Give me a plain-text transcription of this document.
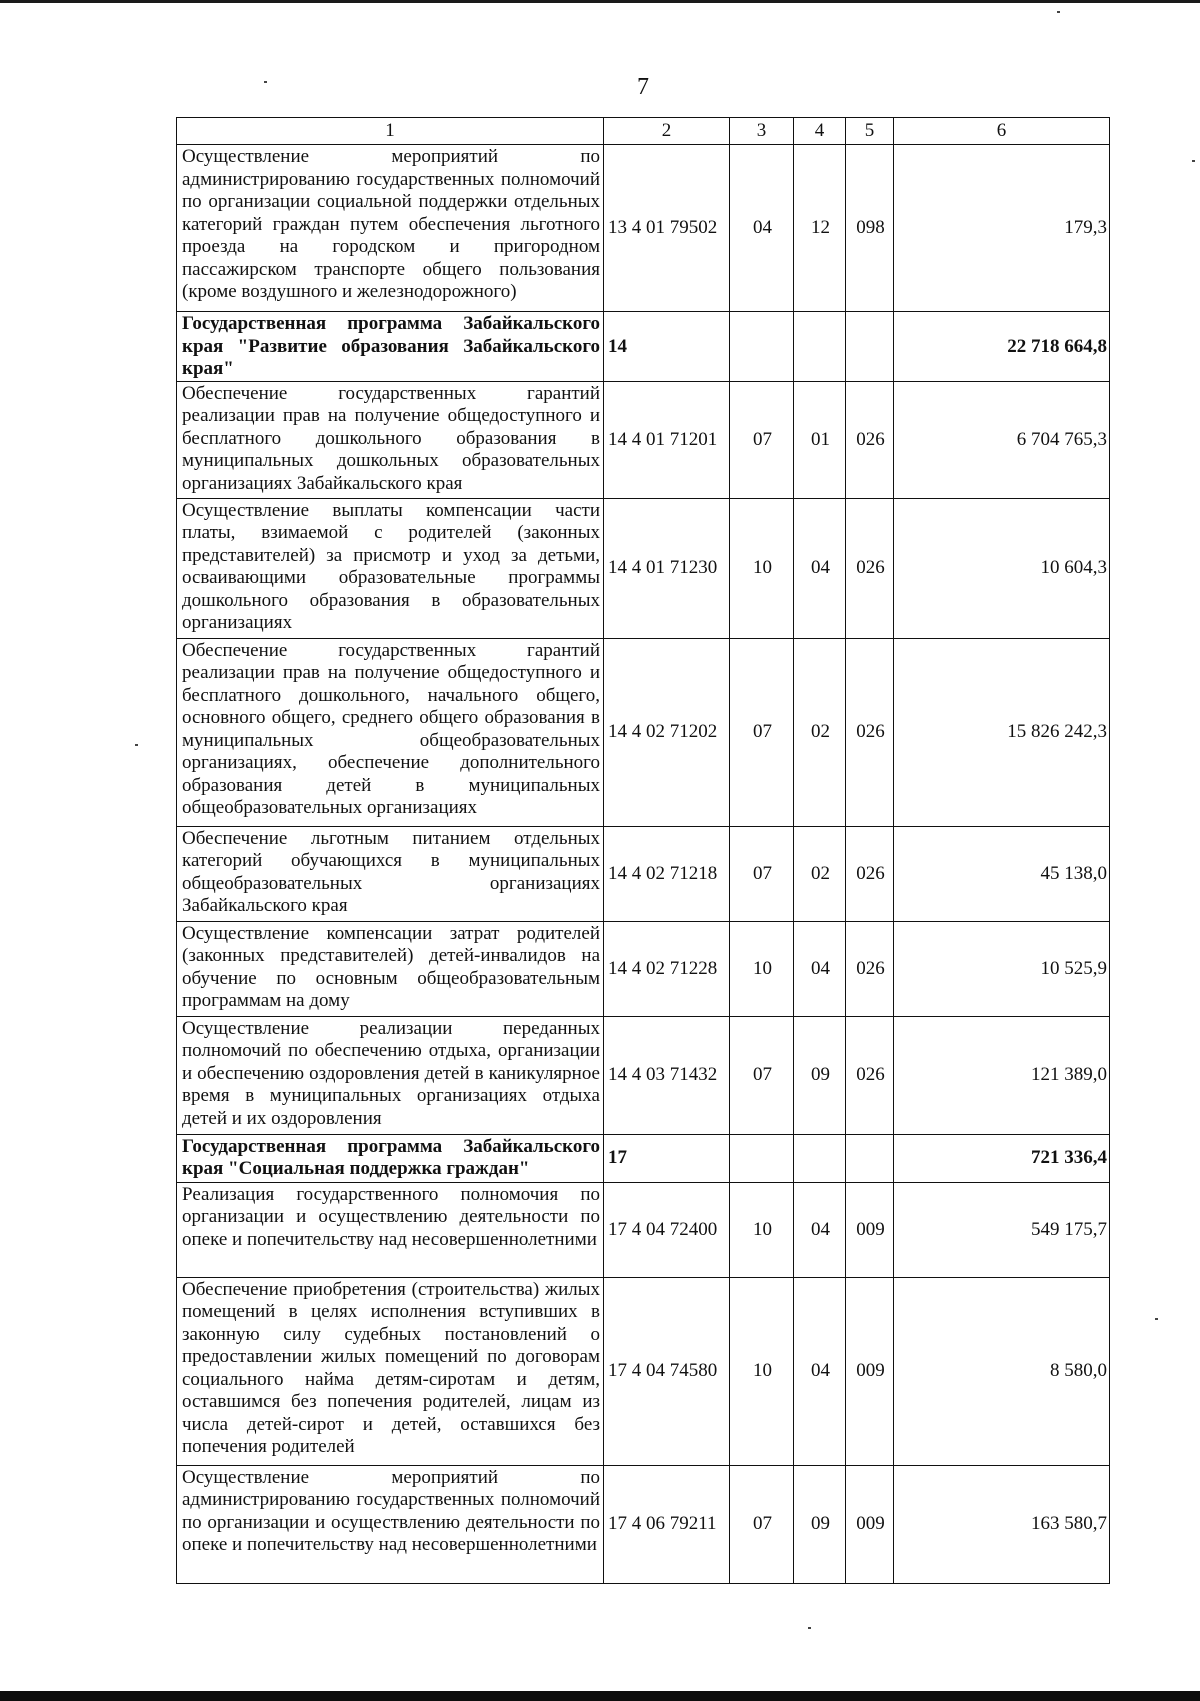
7
1	2	3	4	5	6
Осуществление мероприятий по администрированию государственных полномочий по организации социальной поддержки отдельных категорий граждан путем обеспечения льготного проезда на городском и пригородном пассажирском транспорте общего пользования (кроме воздушного и железнодорожного)	13 4 01 79502	04	12	098	179,3
Государственная программа Забайкальского края "Развитие образования Забайкальского края"	14				22 718 664,8
Обеспечение государственных гарантий реализации прав на получение общедоступного и бесплатного дошкольного образования в муниципальных дошкольных образовательных организациях Забайкальского края	14 4 01 71201	07	01	026	6 704 765,3
Осуществление выплаты компенсации части платы, взимаемой с родителей (законных представителей) за присмотр и уход за детьми, осваивающими образовательные программы дошкольного образования в образовательных организациях	14 4 01 71230	10	04	026	10 604,3
Обеспечение государственных гарантий реализации прав на получение общедоступного и бесплатного дошкольного, начального общего, основного общего, среднего общего образования в муниципальных общеобразовательных организациях, обеспечение дополнительного образования детей в муниципальных общеобразовательных организациях	14 4 02 71202	07	02	026	15 826 242,3
Обеспечение льготным питанием отдельных категорий обучающихся в муниципальных общеобразовательных организациях Забайкальского края	14 4 02 71218	07	02	026	45 138,0
Осуществление компенсации затрат родителей (законных представителей) детей-инвалидов на обучение по основным общеобразовательным программам на дому	14 4 02 71228	10	04	026	10 525,9
Осуществление реализации переданных полномочий по обеспечению отдыха, организации и обеспечению оздоровления детей в каникулярное время в муниципальных организациях отдыха детей и их оздоровления	14 4 03 71432	07	09	026	121 389,0
Государственная программа Забайкальского края "Социальная поддержка граждан"	17				721 336,4
Реализация государственного полномочия по организации и осуществлению деятельности по опеке и попечительству над несовершеннолетними	17 4 04 72400	10	04	009	549 175,7
Обеспечение приобретения (строительства) жилых помещений в целях исполнения вступивших в законную силу судебных постановлений о предоставлении жилых помещений по договорам социального найма детям-сиротам и детям, оставшимся без попечения родителей, лицам из числа детей-сирот и детей, оставшихся без попечения родителей	17 4 04 74580	10	04	009	8 580,0
Осуществление мероприятий по администрированию государственных полномочий по организации и осуществлению деятельности по опеке и попечительству над несовершеннолетними	17 4 06 79211	07	09	009	163 580,7
